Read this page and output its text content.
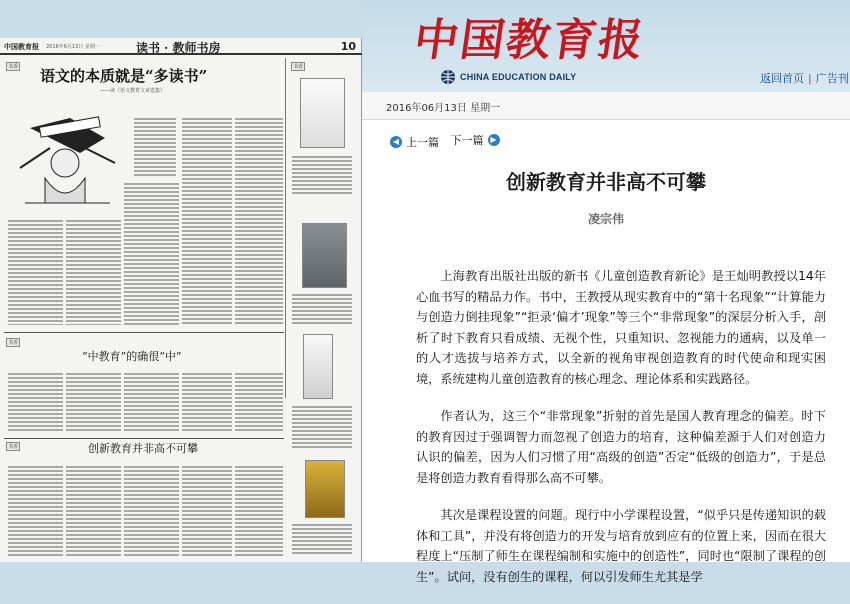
中国教育报 2016年6月13日 星期一	读书 · 教师书房	10
书香 语文的本质就是“多读书”
——读《语文教育文章选集》
书香
书香
“中教育”的确很“中”
书香	创新教育并非高不可攀
中国教育报
CHINA EDUCATION DAILY	返回首页 | 广告刊
2016年06月13日 星期一
◀ 上一篇
下一篇 ▶
创新教育并非高不可攀
凌宗伟

上海教育出版社出版的新书《儿童创造教育新论》是王灿明教授以14年心血书写的精品力作。书中，王教授从现实教育中的“第十名现象”“计算能力与创造力倒挂现象”“拒录‘偏才’现象”等三个“非常现象”的深层分析入手，剖析了时下教育只看成绩、无视个性，只重知识、忽视能力的通病，以及单一的人才选拔与培养方式，以全新的视角审视创造教育的时代使命和现实困境，系统建构儿童创造教育的核心理念、理论体系和实践路径。

作者认为，这三个“非常现象”折射的首先是国人教育理念的偏差。时下的教育因过于强调智力而忽视了创造力的培育，这种偏差源于人们对创造力认识的偏差，因为人们习惯了用“高级的创造”否定“低级的创造力”，于是总是将创造力教育看得那么高不可攀。

其次是课程设置的问题。现行中小学课程设置，“似乎只是传递知识的载体和工具”，并没有将创造力的开发与培育放到应有的位置上来，因而在很大程度上“压制了师生在课程编制和实施中的创造性”，同时也“限制了课程的创生”。试问，没有创生的课程，何以引发师生尤其是学
